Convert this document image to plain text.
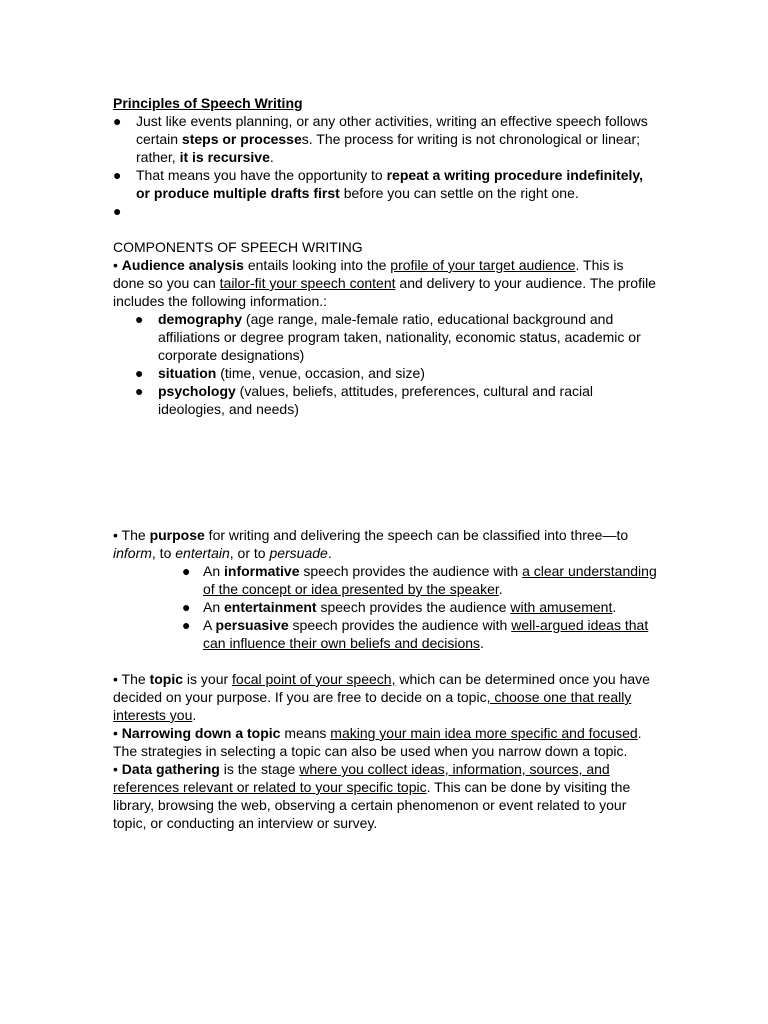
Principles of Speech Writing

● Just like events planning, or any other activities, writing an effective speech follows certain steps or processes. The process for writing is not chronological or linear; rather, it is recursive.
● That means you have the opportunity to repeat a writing procedure indefinitely, or produce multiple drafts first before you can settle on the right one.
●

COMPONENTS OF SPEECH WRITING

• Audience analysis entails looking into the profile of your target audience. This is done so you can tailor-fit your speech content and delivery to your audience. The profile includes the following information.:

● demography (age range, male-female ratio, educational background and affiliations or degree program taken, nationality, economic status, academic or corporate designations)
● situation (time, venue, occasion, and size)
● psychology (values, beliefs, attitudes, preferences, cultural and racial ideologies, and needs)

• The purpose for writing and delivering the speech can be classified into three—to inform, to entertain, or to persuade.

● An informative speech provides the audience with a clear understanding of the concept or idea presented by the speaker.
● An entertainment speech provides the audience with amusement.
● A persuasive speech provides the audience with well-argued ideas that can influence their own beliefs and decisions.

• The topic is your focal point of your speech, which can be determined once you have decided on your purpose. If you are free to decide on a topic, choose one that really interests you.

• Narrowing down a topic means making your main idea more specific and focused. The strategies in selecting a topic can also be used when you narrow down a topic.

• Data gathering is the stage where you collect ideas, information, sources, and references relevant or related to your specific topic. This can be done by visiting the library, browsing the web, observing a certain phenomenon or event related to your topic, or conducting an interview or survey.
